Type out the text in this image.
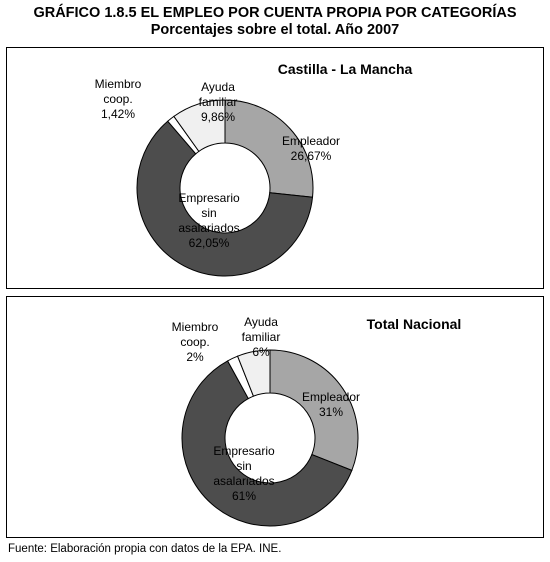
GRÁFICO 1.8.5 EL EMPLEO POR CUENTA PROPIA POR CATEGORÍAS
Porcentajes sobre el total. Año 2007
Castilla - La Mancha
Empleador 26,67%
Empresario sin asalariados 62,05%
Miembro coop. 1,42%
Ayuda familiar 9,86%
Total Nacional
Empleador 31%
Empresario sin asalariados 61%
Miembro coop. 2%
Ayuda familiar 6%
Fuente: Elaboración propia con datos de la EPA. INE.
